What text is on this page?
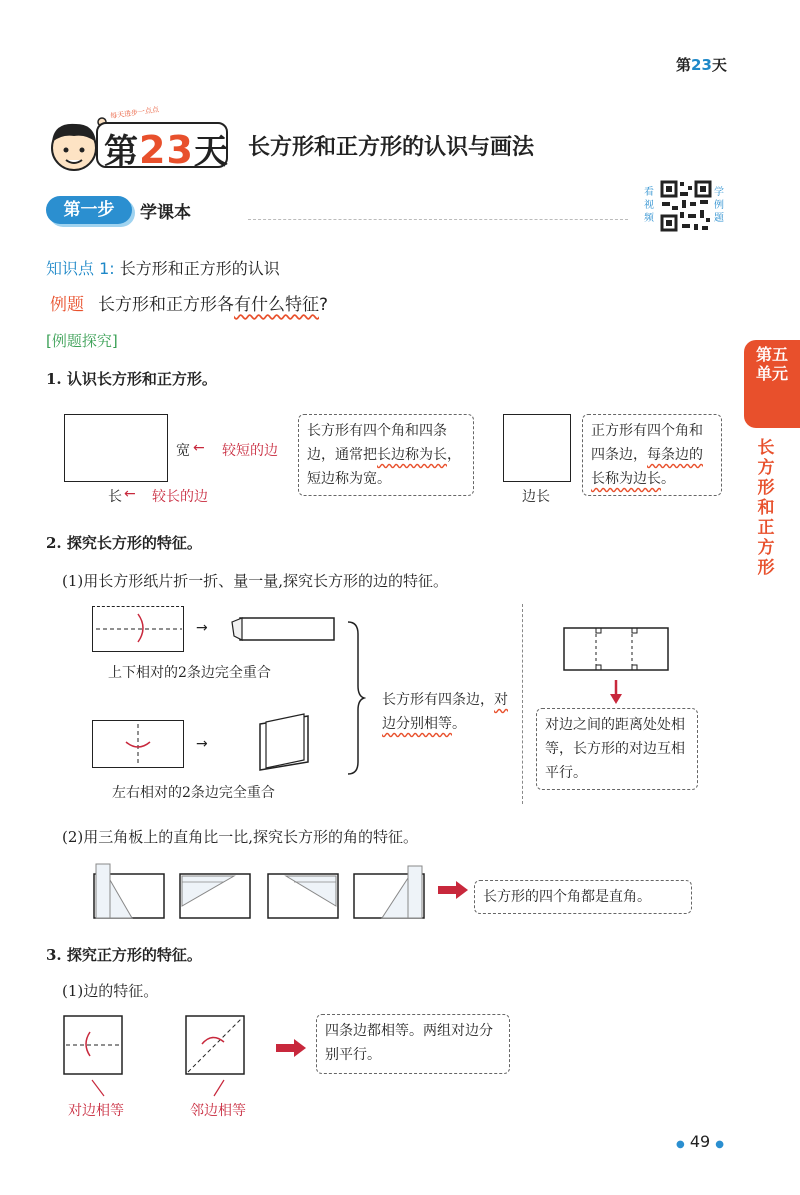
第23天
每天进步一点点
第23天 长方形和正方形的认识与画法
第一步	学课本
看视频
学例题
知识点 1: 长方形和正方形的认识
例题 长方形和正方形各有什么特征?
[例题探究]
1. 认识长方形和正方形。
宽 ← 较短的边
长 ← 较长的边
长方形有四个角和四条边，通常把长边称为长，短边称为宽。
边长
正方形有四个角和四条边，每条边的长称为边长。
2. 探究长方形的特征。
(1)用长方形纸片折一折、量一量,探究长方形的边的特征。
→
上下相对的2条边完全重合
→
左右相对的2条边完全重合
长方形有四条边，对边分别相等。	对边之间的距离处处相等，长方形的对边互相平行。
(2)用三角板上的直角比一比,探究长方形的角的特征。
长方形的四个角都是直角。
3. 探究正方形的特征。
(1)边的特征。
四条边都相等。两组对边分别平行。
对边相等	邻边相等
第五单元
长方形和正方形
● 49 ●
